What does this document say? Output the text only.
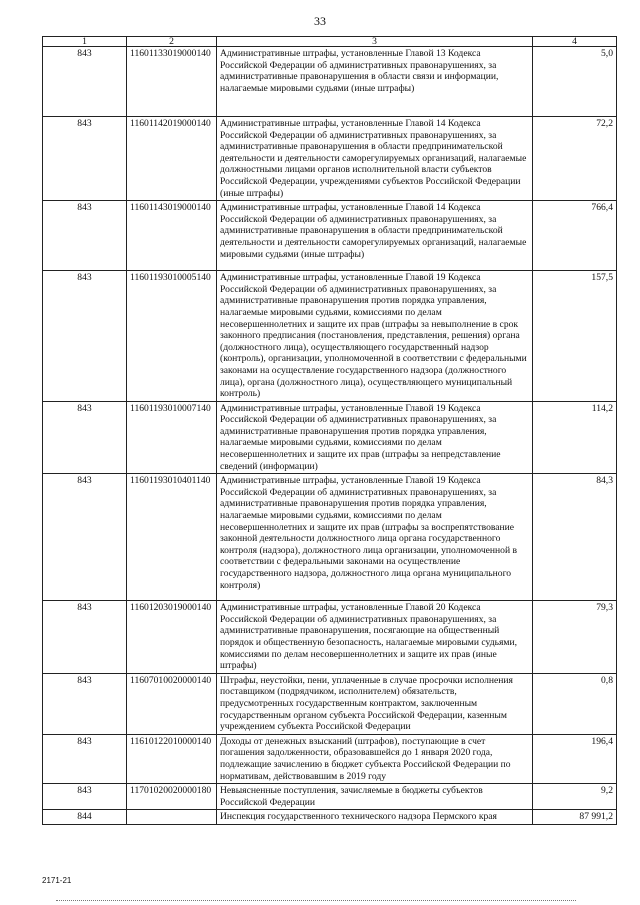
33
1	2	3	4
843	11601133019000140	Административные штрафы, установленные Главой 13 Кодекса Российской Федерации об административных правонарушениях, за административные правонарушения в области связи и информации, налагаемые мировыми судьями (иные штрафы)	5,0
843	11601142019000140	Административные штрафы, установленные Главой 14 Кодекса Российской Федерации об административных правонарушениях, за административные правонарушения в области предпринимательской деятельности и деятельности саморегулируемых организаций, налагаемые должностными лицами органов исполнительной власти субъектов Российской Федерации, учреждениями субъектов Российской Федерации (иные штрафы)	72,2
843	11601143019000140	Административные штрафы, установленные Главой 14 Кодекса Российской Федерации об административных правонарушениях, за административные правонарушения в области предпринимательской деятельности и деятельности саморегулируемых организаций, налагаемые мировыми судьями (иные штрафы)	766,4
843	11601193010005140	Административные штрафы, установленные Главой 19 Кодекса Российской Федерации об административных правонарушениях, за административные правонарушения против порядка управления, налагаемые мировыми судьями, комиссиями по делам несовершеннолетних и защите их прав (штрафы за невыполнение в срок законного предписания (постановления, представления, решения) органа (должностного лица), осуществляющего государственный надзор (контроль), организации, уполномоченной в соответствии с федеральными законами на осуществление государственного надзора (должностного лица), органа (должностного лица), осуществляющего муниципальный контроль)	157,5
843	11601193010007140	Административные штрафы, установленные Главой 19 Кодекса Российской Федерации об административных правонарушениях, за административные правонарушения против порядка управления, налагаемые мировыми судьями, комиссиями по делам несовершеннолетних и защите их прав (штрафы за непредставление сведений (информации)	114,2
843	11601193010401140	Административные штрафы, установленные Главой 19 Кодекса Российской Федерации об административных правонарушениях, за административные правонарушения против порядка управления, налагаемые мировыми судьями, комиссиями по делам несовершеннолетних и защите их прав (штрафы за воспрепятствование законной деятельности должностного лица органа государственного контроля (надзора), должностного лица организации, уполномоченной в соответствии с федеральными законами на осуществление государственного надзора, должностного лица органа муниципального контроля)	84,3
843	11601203019000140	Административные штрафы, установленные Главой 20 Кодекса Российской Федерации об административных правонарушениях, за административные правонарушения, посягающие на общественный порядок и общественную безопасность, налагаемые мировыми судьями, комиссиями по делам несовершеннолетних и защите их прав (иные штрафы)	79,3
843	11607010020000140	Штрафы, неустойки, пени, уплаченные в случае просрочки исполнения поставщиком (подрядчиком, исполнителем) обязательств, предусмотренных государственным контрактом, заключенным государственным органом субъекта Российской Федерации, казенным учреждением субъекта Российской Федерации	0,8
843	11610122010000140	Доходы от денежных взысканий (штрафов), поступающие в счет погашения задолженности, образовавшейся до 1 января 2020 года, подлежащие зачислению в бюджет субъекта Российской Федерации по нормативам, действовавшим в 2019 году	196,4
843	11701020020000180	Невыясненные поступления, зачисляемые в бюджеты субъектов Российской Федерации	9,2
844		Инспекция государственного технического надзора Пермского края	87 991,2
2171-21
